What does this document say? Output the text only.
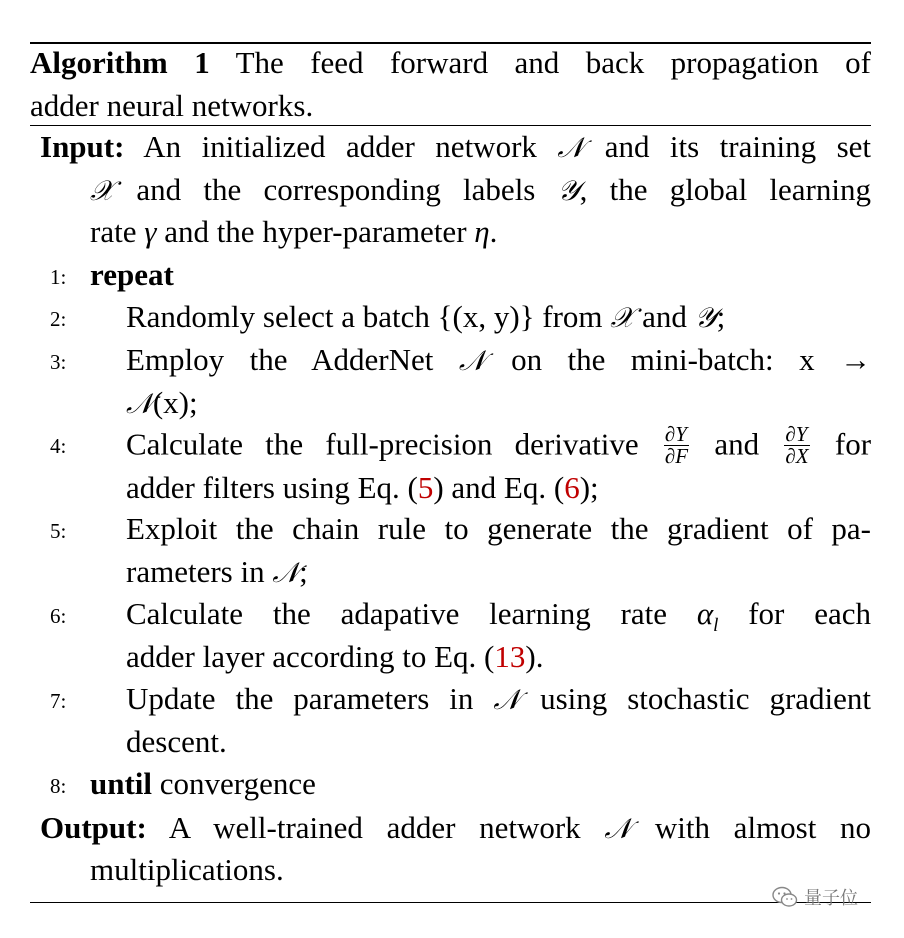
Algorithm 1 The feed forward and back propagation of
adder neural networks.
Input: An initialized adder network 𝒩 and its training set
𝒳 and the corresponding labels 𝒴, the global learning
rate γ and the hyper-parameter η.
1: repeat
2: Randomly select a batch {(x, y)} from 𝒳 and 𝒴;
3: Employ the AdderNet 𝒩 on the mini-batch: x →
𝒩(x);
4: Calculate the full-precision derivative $\frac{\partial Y}{\partial F}$ and $\frac{\partial Y}{\partial X}$ for
adder filters using Eq. (5) and Eq. (6);
5: Exploit the chain rule to generate the gradient of pa-
rameters in 𝒩;
6: Calculate the adapative learning rate $\alpha_l$ for each
adder layer according to Eq. (13).
7: Update the parameters in 𝒩 using stochastic gradient
descent.
8: until convergence
Output: A well-trained adder network 𝒩 with almost no
multiplications.
量子位
